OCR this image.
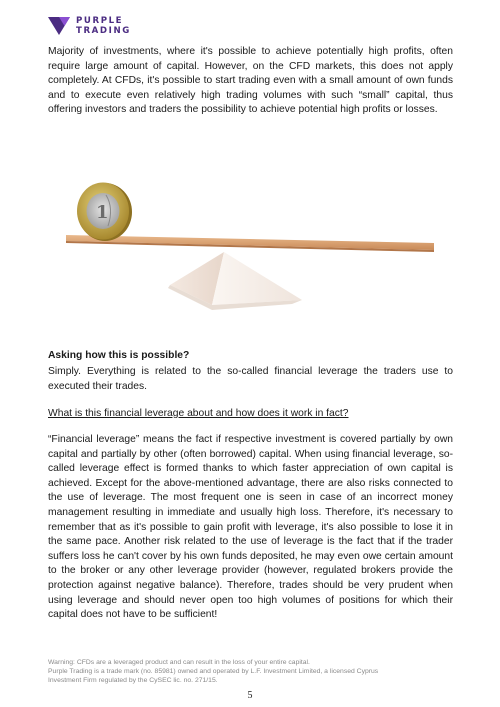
PURPLE
TRADING

Majority of investments, where it's possible to achieve potentially high profits, often require large amount of capital. However, on the CFD markets, this does not apply completely. At CFDs, it's possible to start trading even with a small amount of own funds and to execute even relatively high trading volumes with such “small” capital, thus offering investors and traders the possibility to achieve potential high profits or losses.

1

Asking how this is possible?

Simply. Everything is related to the so-called financial leverage the traders use to executed their trades.

What is this financial leverage about and how does it work in fact?

“Financial leverage” means the fact if respective investment is covered partially by own capital and partially by other (often borrowed) capital. When using financial leverage, so-called leverage effect is formed thanks to which faster appreciation of own capital is achieved. Except for the above-mentioned advantage, there are also risks connected to the use of leverage. The most frequent one is seen in case of an incorrect money management resulting in immediate and usually high loss. Therefore, it's necessary to remember that as it's possible to gain profit with leverage, it's also possible to lose it in the same pace. Another risk related to the use of leverage is the fact that if the trader suffers loss he can't cover by his own funds deposited, he may even owe certain amount to the broker or any other leverage provider (however, regulated brokers provide the protection against negative balance). Therefore, trades should be very prudent when using leverage and should never open too high volumes of positions for which their capital does not have to be sufficient!

Warning: CFDs are a leveraged product and can result in the loss of your entire capital.
Purple Trading is a trade mark (no. 85981) owned and operated by L.F. Investment Limited, a licensed Cyprus
Investment Firm regulated by the CySEC lic. no. 271/15.
5
